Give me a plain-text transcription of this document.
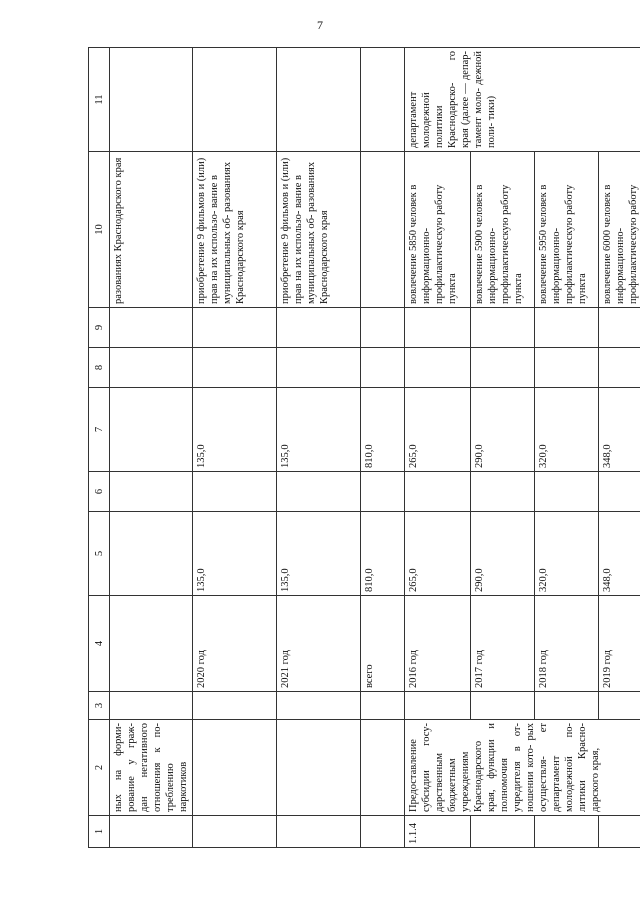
7
1	2	3	4	5	6	7	8	9	10	11
	ных на форми- рование у граж- дан негативного отношения к по- треблению наркотиков								разованиях Краснодарского края	
			2020 год	135,0		135,0			приобретение 9 фильмов и (или) прав на их использо- вание в муниципальных об- разованиях Краснодарского края	
			2021 год	135,0		135,0			приобретение 9 фильмов и (или) прав на их использо- вание в муниципальных об- разованиях Краснодарского края	
			всего	810,0		810,0				
1.1.4	Предоставление субсидии госу- дарственным бюджетным учреждениям Краснодарского края, функции и полномочия учредителя в от- ношении кото- рых осуществля- ет департамент молодежной по- литики Красно- дарского края,		2016 год	265,0		265,0			вовлечение 5850 человек в информационно- профилактическую работу пункта	департамент молодежной политики Краснодарско- го края (далее — депар- тамент моло- дежной поли- тики)
			2017 год	290,0		290,0			вовлечение 5900 человек в информационно- профилактическую работу пункта	
			2018 год	320,0		320,0			вовлечение 5950 человек в информационно- профилактическую работу пункта	
			2019 год	348,0		348,0			вовлечение 6000 человек в информационно- профилактическую работу	
